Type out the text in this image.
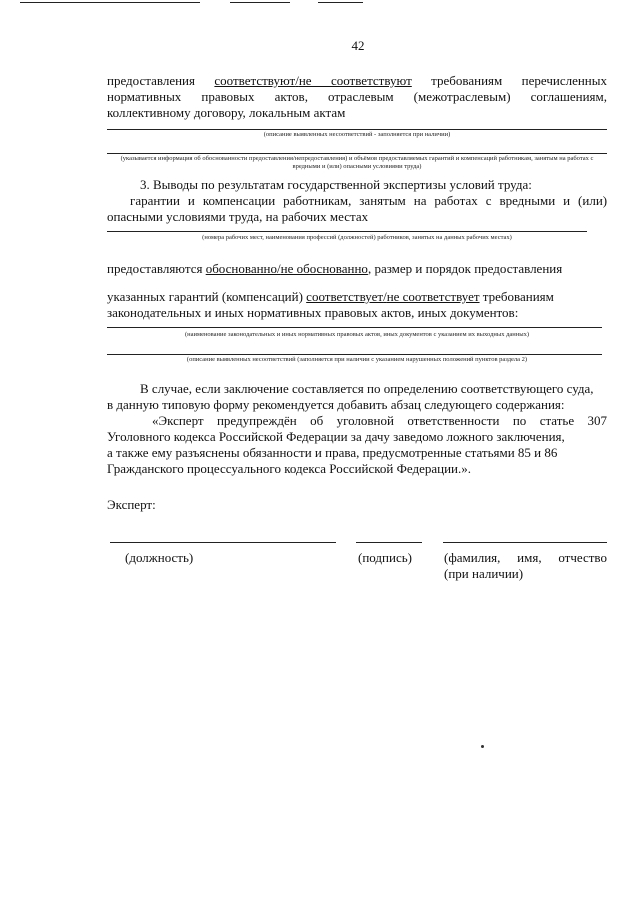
42
предоставления соответствуют/не соответствуют требованиям перечисленных
нормативных правовых актов, отраслевым (межотраслевым) соглашениям,
коллективному договору, локальным актам
(описание выявленных несоответствий - заполняется при наличии)
(указывается информация об обоснованности предоставления/непредоставления) и объёмов предоставляемых гарантий и компенсаций работникам, занятым на работах с вредными и (или) опасными условиями труда)
3. Выводы по результатам государственной экспертизы условий труда:
гарантии и компенсации работникам, занятым на работах с вредными и (или)
опасными условиями труда, на рабочих местах
(номера рабочих мест, наименования профессий (должностей) работников, занятых на данных рабочих местах)
предоставляются обоснованно/не обоснованно, размер и порядок предоставления
указанных гарантий (компенсаций) соответствует/не соответствует требованиям
законодательных и иных нормативных правовых актов, иных документов:
(наименование законодательных и иных нормативных правовых актов, иных документов с указанием их выходных данных)
(описание выявленных несоответствий (заполняется при наличии с указанием нарушенных положений пунктов раздела 2)
В случае, если заключение составляется по определению соответствующего суда,
в данную типовую форму рекомендуется добавить абзац следующего содержания:
«Эксперт предупреждён об уголовной ответственности по статье 307
Уголовного кодекса Российской Федерации за дачу заведомо ложного заключения,
а также ему разъяснены обязанности и права, предусмотренные статьями 85 и 86
Гражданского процессуального кодекса Российской Федерации.».
Эксперт:
(должность)	(подпись)	(фамилия, имя, отчество
(при наличии)
